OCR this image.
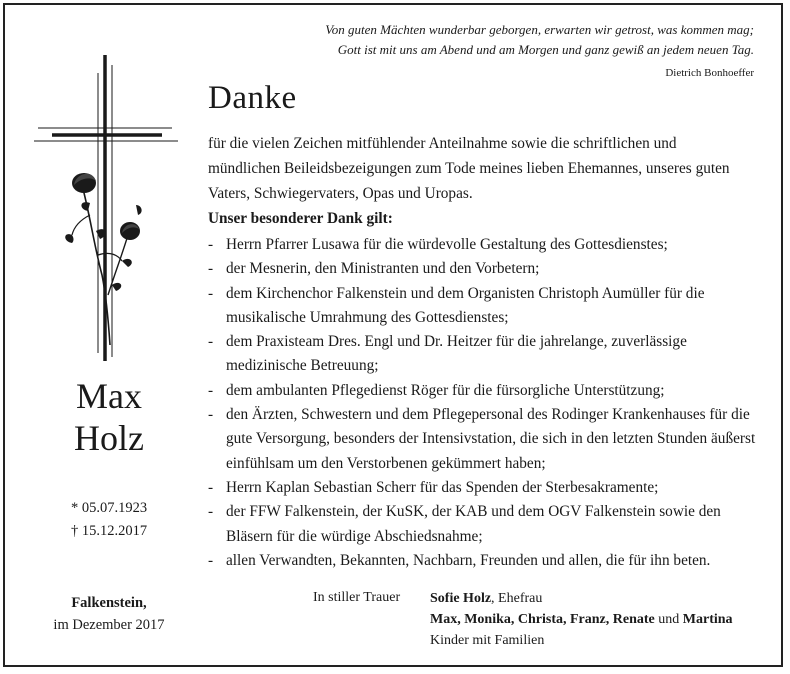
Von guten Mächten wunderbar geborgen, erwarten wir getrost, was kommen mag;
Gott ist mit uns am Abend und am Morgen und ganz gewiß an jedem neuen Tag.
Dietrich Bonhoeffer
Danke
für die vielen Zeichen mitfühlender Anteilnahme sowie die schriftlichen und mündlichen Beileidsbezeigungen zum Tode meines lieben Ehemannes, unseres guten Vaters, Schwiegervaters, Opas und Uropas.
Unser besonderer Dank gilt:
- Herrn Pfarrer Lusawa für die würdevolle Gestaltung des Gottesdienstes;
- der Mesnerin, den Ministranten und den Vorbetern;
- dem Kirchenchor Falkenstein und dem Organisten Christoph Aumüller für die musikalische Umrahmung des Gottesdienstes;
- dem Praxisteam Dres. Engl und Dr. Heitzer für die jahrelange, zuverlässige medizinische Betreuung;
- dem ambulanten Pflegedienst Röger für die fürsorgliche Unterstützung;
- den Ärzten, Schwestern und dem Pflegepersonal des Rodinger Krankenhauses für die gute Versorgung, besonders der Intensivstation, die sich in den letzten Stunden äußerst einfühlsam um den Verstorbenen gekümmert haben;
- Herrn Kaplan Sebastian Scherr für das Spenden der Sterbesakramente;
- der FFW Falkenstein, der KuSK, der KAB und dem OGV Falkenstein sowie den Bläsern für die würdige Abschiedsnahme;
- allen Verwandten, Bekannten, Nachbarn, Freunden und allen, die für ihn beten.
Max
Holz
* 05.07.1923
† 15.12.2017
Falkenstein,
im Dezember 2017
In stiller Trauer Sofie Holz, Ehefrau
Max, Monika, Christa, Franz, Renate und Martina
Kinder mit Familien
